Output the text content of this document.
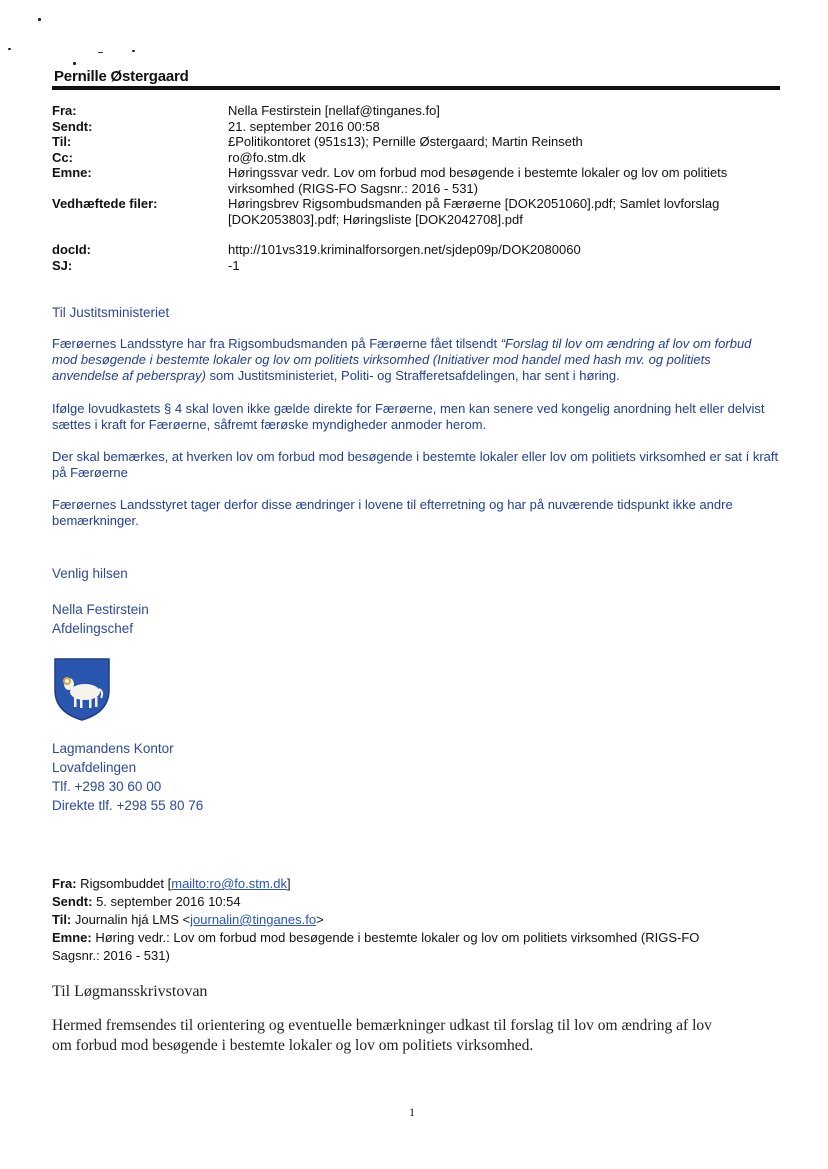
Pernille Østergaard
Fra:	Nella Festirstein [nellaf@tinganes.fo]
Sendt:	21. september 2016 00:58
Til:	£Politikontoret (951s13); Pernille Østergaard; Martin Reinseth
Cc:	ro@fo.stm.dk
Emne:	Høringssvar vedr. Lov om forbud mod besøgende i bestemte lokaler og lov om politiets
virksomhed (RIGS-FO Sagsnr.: 2016 - 531)
Vedhæftede filer:	Høringsbrev Rigsombudsmanden på Færøerne [DOK2051060].pdf; Samlet lovforslag
[DOK2053803].pdf; Høringsliste [DOK2042708].pdf
docId:	http://101vs319.kriminalforsorgen.net/sjdep09p/DOK2080060
SJ:	-1
Til Justitsministeriet
Færøernes Landsstyre har fra Rigsombudsmanden på Færøerne fået tilsendt “Forslag til lov om ændring af lov om forbud mod besøgende i bestemte lokaler og lov om politiets virksomhed (Initiativer mod handel med hash mv. og politiets anvendelse af peberspray) som Justitsministeriet, Politi- og Strafferetsafdelingen, har sent i høring.
Ifølge lovudkastets § 4 skal loven ikke gælde direkte for Færøerne, men kan senere ved kongelig anordning helt eller delvist sættes i kraft for Færøerne, såfremt færøske myndigheder anmoder herom.
Der skal bemærkes, at hverken lov om forbud mod besøgende i bestemte lokaler eller lov om politiets virksomhed er sat í kraft på Færøerne
Færøernes Landsstyret tager derfor disse ændringer i lovene til efterretning og har på nuværende tidspunkt ikke andre bemærkninger.
Venlig hilsen
Nella Festirstein
Afdelingschef
Lagmandens Kontor
Lovafdelingen
Tlf. +298 30 60 00
Direkte tlf. +298 55 80 76
Fra: Rigsombuddet [mailto:ro@fo.stm.dk]
Sendt: 5. september 2016 10:54
Til: Journalin hjá LMS <journalin@tinganes.fo>
Emne: Høring vedr.: Lov om forbud mod besøgende i bestemte lokaler og lov om politiets virksomhed (RIGS-FO
Sagsnr.: 2016 - 531)
Til Løgmansskrivstovan
Hermed fremsendes til orientering og eventuelle bemærkninger udkast til forslag til lov om ændring af lov
om forbud mod besøgende i bestemte lokaler og lov om politiets virksomhed.
1
